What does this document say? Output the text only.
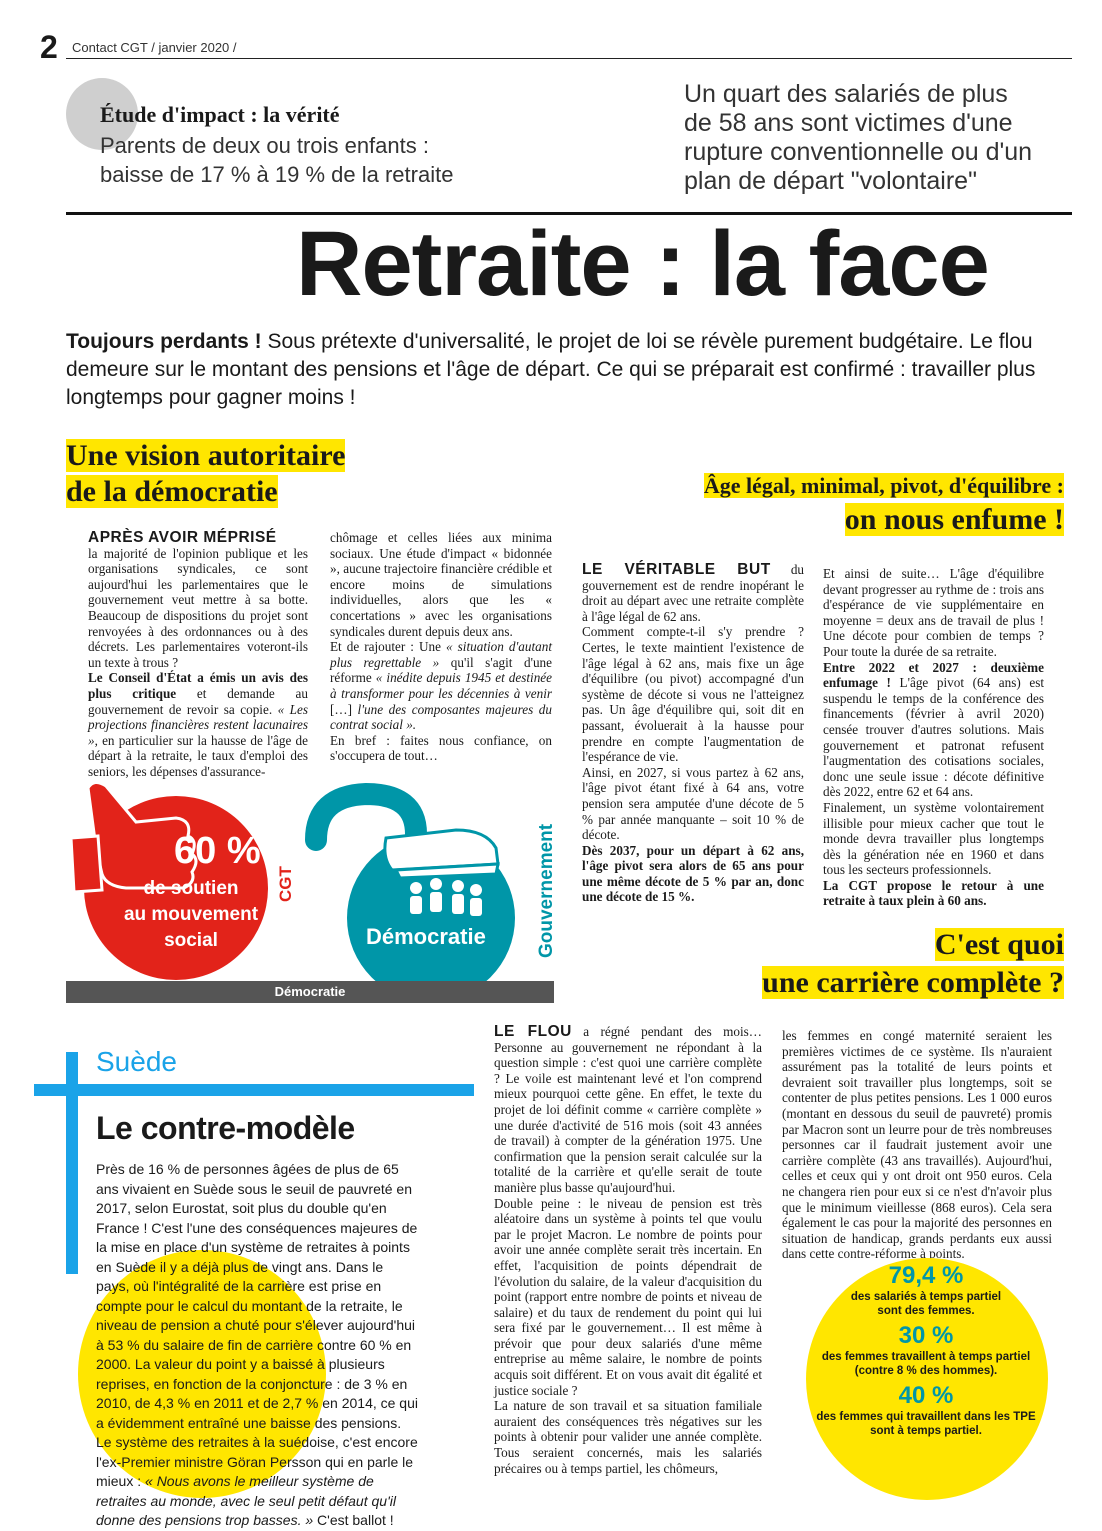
2 Contact CGT / janvier 2020 /
Étude d'impact : la vérité
Parents de deux ou trois enfants :
baisse de 17 % à 19 % de la retraite
Un quart des salariés de plus
de 58 ans sont victimes d'une
rupture conventionnelle ou d'un
plan de départ "volontaire"
Retraite : la face
Toujours perdants ! Sous prétexte d'universalité, le projet de loi se révèle purement budgétaire. Le flou demeure sur le montant des pensions et l'âge de départ. Ce qui se préparait est confirmé : travailler plus longtemps pour gagner moins !
Une vision autoritaire
de la démocratie

APRÈS AVOIR MÉPRISÉ

la majorité de l'opinion publique et les organisations syndicales, ce sont aujourd'hui les parlementaires que le gouvernement veut mettre à sa botte. Beaucoup de dispositions du projet sont renvoyées à des ordonnances ou à des décrets. Les parlementaires voteront-ils un texte à trous ?

Le Conseil d'État a émis un avis des plus critique et demande au gouvernement de revoir sa copie. « Les projections financières restent lacunaires », en particulier sur la hausse de l'âge de départ à la retraite, le taux d'emploi des seniors, les dépenses d'assurance-

chômage et celles liées aux minima sociaux. Une étude d'impact « bidonnée », aucune trajectoire financière crédible et encore moins de simulations individuelles, alors que les « concertations » avec les organisations syndicales durent depuis deux ans.

Et de rajouter : Une « situation d'autant plus regrettable » qu'il s'agit d'une réforme « inédite depuis 1945 et destinée à transformer pour les décennies à venir […] l'une des composantes majeures du contrat social ».

En bref : faites nous confiance, on s'occupera de tout…

60 %
de soutien
au mouvement
social
CGT
Démocratie	Gouvernement
Démocratie
Âge légal, minimal, pivot, d'équilibre :
on nous enfume !

LE VÉRITABLE BUT du gouvernement est de rendre inopérant le droit au départ avec une retraite complète à l'âge légal de 62 ans.

Comment compte-t-il s'y prendre ? Certes, le texte maintient l'existence de l'âge légal à 62 ans, mais fixe un âge d'équilibre (ou pivot) accompagné d'un système de décote si vous ne l'atteignez pas. Un âge d'équilibre qui, soit dit en passant, évoluerait à la hausse pour prendre en compte l'augmentation de l'espérance de vie.

Ainsi, en 2027, si vous partez à 62 ans, l'âge pivot étant fixé à 64 ans, votre pension sera amputée d'une décote de 5 % par année manquante – soit 10 % de décote.

Dès 2037, pour un départ à 62 ans, l'âge pivot sera alors de 65 ans pour une même décote de 5 % par an, donc une décote de 15 %.

Et ainsi de suite… L'âge d'équilibre devant progresser au rythme de : trois ans d'espérance de vie supplémentaire en moyenne = deux ans de travail de plus ! Une décote pour combien de temps ? Pour toute la durée de sa retraite.

Entre 2022 et 2027 : deuxième enfumage ! L'âge pivot (64 ans) est suspendu le temps de la conférence des financements (février à avril 2020) censée trouver d'autres solutions. Mais gouvernement et patronat refusent l'augmentation des cotisations sociales, donc une seule issue : décote définitive dès 2022, entre 62 et 64 ans.

Finalement, un système volontairement illisible pour mieux cacher que tout le monde devra travailler plus longtemps dès la génération née en 1960 et dans tous les secteurs professionnels.

La CGT propose le retour à une retraite à taux plein à 60 ans.

C'est quoi
une carrière complète ?

LE FLOU a régné pendant des mois… Personne au gouvernement ne répondant à la question simple : c'est quoi une carrière complète ? Le voile est maintenant levé et l'on comprend mieux pourquoi cette gêne. En effet, le texte du projet de loi définit comme « carrière complète » une durée d'activité de 516 mois (soit 43 années de travail) à compter de la génération 1975. Une confirmation que la pension serait calculée sur la totalité de la carrière et qu'elle serait de toute manière plus basse qu'aujourd'hui.

Double peine : le niveau de pension est très aléatoire dans un système à points tel que voulu par le projet Macron. Le nombre de points pour avoir une année complète serait très incertain. En effet, l'acquisition de points dépendrait de l'évolution du salaire, de la valeur d'acquisition du point (rapport entre nombre de points et niveau de salaire) et du taux de rendement du point qui lui sera fixé par le gouvernement… Il est même à prévoir que pour deux salariés d'une même entreprise au même salaire, le nombre de points acquis soit différent. Et on vous avait dit égalité et justice sociale ?

La nature de son travail et sa situation familiale auraient des conséquences très négatives sur les points à obtenir pour valider une année complète. Tous seraient concernés, mais les salariés précaires ou à temps partiel, les chômeurs,

les femmes en congé maternité seraient les premières victimes de ce système. Ils n'auraient assurément pas la totalité de leurs points et devraient soit travailler plus longtemps, soit se contenter de plus petites pensions. Les 1 000 euros (montant en dessous du seuil de pauvreté) promis par Macron sont un leurre pour de très nombreuses personnes car il faudrait justement avoir une carrière complète (43 ans travaillés). Aujourd'hui, celles et ceux qui y ont droit ont 950 euros. Cela ne changera rien pour eux si ce n'est d'n'avoir plus que le minimum vieillesse (868 euros). Cela sera également le cas pour la majorité des personnes en situation de handicap, grands perdants eux aussi dans cette contre-réforme à points.

79,4 %
des salariés à temps partiel
sont des femmes.
30 %
des femmes travaillent à temps partiel
(contre 8 % des hommes).
40 %
des femmes qui travaillent dans les TPE
sont à temps partiel.
Suède
Le contre-modèle
Près de 16 % de personnes âgées de plus de 65 ans vivaient en Suède sous le seuil de pauvreté en 2017, selon Eurostat, soit plus du double qu'en France ! C'est l'une des conséquences majeures de la mise en place d'un système de retraites à points en Suède il y a déjà plus de vingt ans. Dans le pays, où l'intégralité de la carrière est prise en compte pour le calcul du montant de la retraite, le niveau de pension a chuté pour s'élever aujourd'hui à 53 % du salaire de fin de carrière contre 60 % en 2000. La valeur du point y a baissé à plusieurs reprises, en fonction de la conjoncture : de 3 % en 2010, de 4,3 % en 2011 et de 2,7 % en 2014, ce qui a évidemment entraîné une baisse des pensions. Le système des retraites à la suédoise, c'est encore l'ex-Premier ministre Göran Persson qui en parle le mieux : « Nous avons le meilleur système de retraites au monde, avec le seul petit défaut qu'il donne des pensions trop basses. » C'est ballot !
